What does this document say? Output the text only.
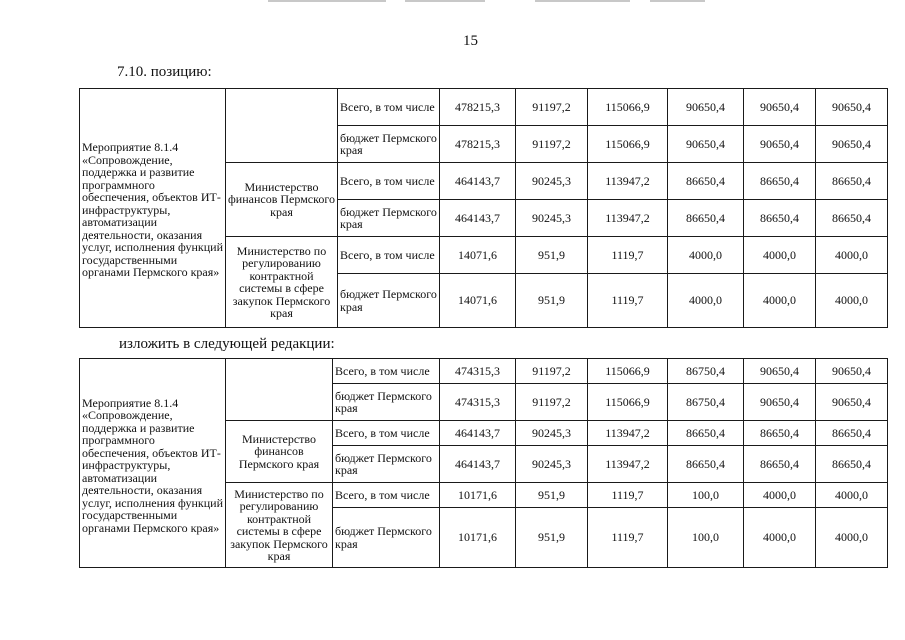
15
7.10. позицию:
Мероприятие 8.1.4 «Сопровождение, поддержка и развитие программного обеспечения, объектов ИТ-инфраструктуры, автоматизации деятельности, оказания услуг, исполнения функций государственными органами Пермского края»		Всего, в том числе	478215,3	91197,2	115066,9	90650,4	90650,4	90650,4
		бюджет Пермского края	478215,3	91197,2	115066,9	90650,4	90650,4	90650,4
	Министерство финансов Пермского края	Всего, в том числе	464143,7	90245,3	113947,2	86650,4	86650,4	86650,4
		бюджет Пермского края	464143,7	90245,3	113947,2	86650,4	86650,4	86650,4
	Министерство по регулированию контрактной системы в сфере закупок Пермского края	Всего, в том числе	14071,6	951,9	1119,7	4000,0	4000,0	4000,0
		бюджет Пермского края	14071,6	951,9	1119,7	4000,0	4000,0	4000,0
изложить в следующей редакции:
Мероприятие 8.1.4 «Сопровождение, поддержка и развитие программного обеспечения, объектов ИТ-инфраструктуры, автоматизации деятельности, оказания услуг, исполнения функций государственными органами Пермского края»		Всего, в том числе	474315,3	91197,2	115066,9	86750,4	90650,4	90650,4
		бюджет Пермского края	474315,3	91197,2	115066,9	86750,4	90650,4	90650,4
	Министерство финансов Пермского края	Всего, в том числе	464143,7	90245,3	113947,2	86650,4	86650,4	86650,4
		бюджет Пермского края	464143,7	90245,3	113947,2	86650,4	86650,4	86650,4
	Министерство по регулированию контрактной системы в сфере закупок Пермского края	Всего, в том числе	10171,6	951,9	1119,7	100,0	4000,0	4000,0
		бюджет Пермского края	10171,6	951,9	1119,7	100,0	4000,0	4000,0
